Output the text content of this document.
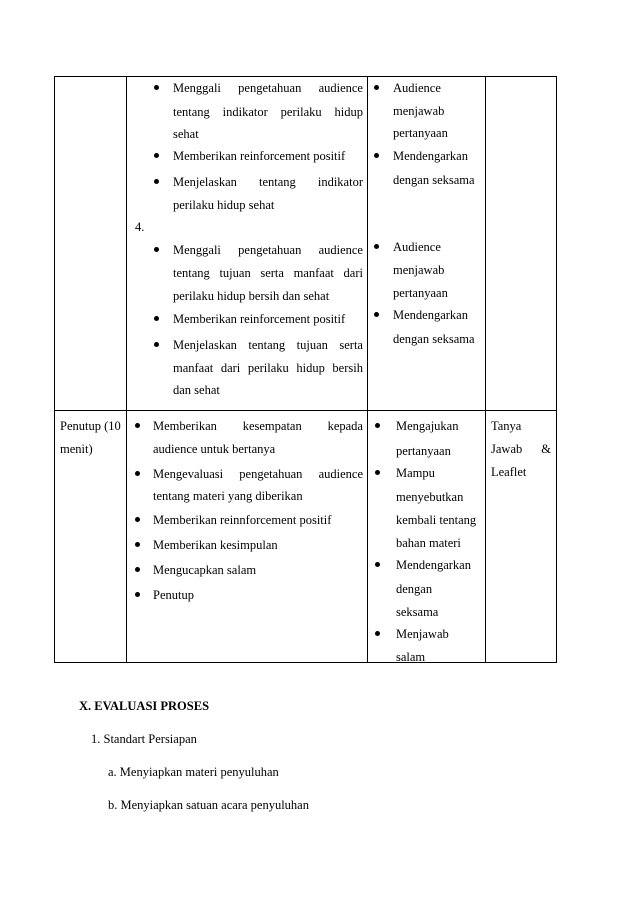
Menggali pengetahuan audience
tentang indikator perilaku hidup
sehat
Memberikan reinforcement positif
Menjelaskan tentang indikator
perilaku hidup sehat
4.
Menggali pengetahuan audience
tentang tujuan serta manfaat dari
perilaku hidup bersih dan sehat
Memberikan reinforcement positif
Menjelaskan tentang tujuan serta
manfaat dari perilaku hidup bersih
dan sehat
Audience
menjawab
pertanyaan
Mendengarkan
dengan seksama
Audience
menjawab
pertanyaan
Mendengarkan
dengan seksama
Penutup (10
menit)
Memberikan kesempatan kepada
audience untuk bertanya
Mengevaluasi pengetahuan audience
tentang materi yang diberikan
Memberikan reinnforcement positif
Memberikan kesimpulan
Mengucapkan salam
Penutup
Mengajukan
pertanyaan
Mampu
menyebutkan
kembali tentang
bahan materi
Mendengarkan
dengan
seksama
Menjawab
salam
Tanya
Jawab &
Leaflet
X. EVALUASI PROSES
1. Standart Persiapan
a. Menyiapkan materi penyuluhan
b. Menyiapkan satuan acara penyuluhan
